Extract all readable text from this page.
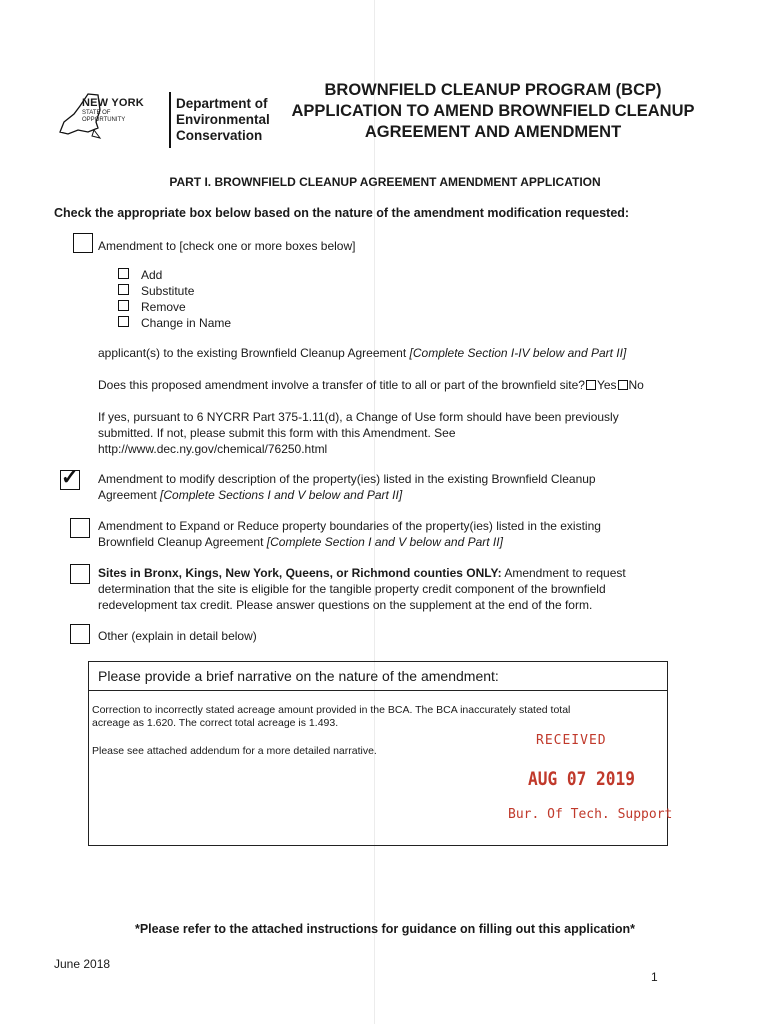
NEW YORK
STATE OF
OPPORTUNITY
Department of
Environmental
Conservation
BROWNFIELD CLEANUP PROGRAM (BCP)
APPLICATION TO AMEND BROWNFIELD CLEANUP
AGREEMENT AND AMENDMENT
PART I. BROWNFIELD CLEANUP AGREEMENT AMENDMENT APPLICATION
Check the appropriate box below based on the nature of the amendment modification requested:
Amendment to [check one or more boxes below]
Add
Substitute
Remove
Change in Name
applicant(s) to the existing Brownfield Cleanup Agreement [Complete Section I-IV below and Part II]
Does this proposed amendment involve a transfer of title to all or part of the brownfield site? Yes No
If yes, pursuant to 6 NYCRR Part 375-1.11(d), a Change of Use form should have been previously
submitted. If not, please submit this form with this Amendment. See
http://www.dec.ny.gov/chemical/76250.html
✓ Amendment to modify description of the property(ies) listed in the existing Brownfield Cleanup
Agreement [Complete Sections I and V below and Part II]
Amendment to Expand or Reduce property boundaries of the property(ies) listed in the existing
Brownfield Cleanup Agreement [Complete Section I and V below and Part II]
Sites in Bronx, Kings, New York, Queens, or Richmond counties ONLY: Amendment to request
determination that the site is eligible for the tangible property credit component of the brownfield
redevelopment tax credit. Please answer questions on the supplement at the end of the form.
Other (explain in detail below)
Please provide a brief narrative on the nature of the amendment:
Correction to incorrectly stated acreage amount provided in the BCA. The BCA inaccurately stated total
acreage as 1.620. The correct total acreage is 1.493.
Please see attached addendum for a more detailed narrative.
RECEIVED
AUG 07 2019
Bur. Of Tech. Support
*Please refer to the attached instructions for guidance on filling out this application*
June 2018
1
